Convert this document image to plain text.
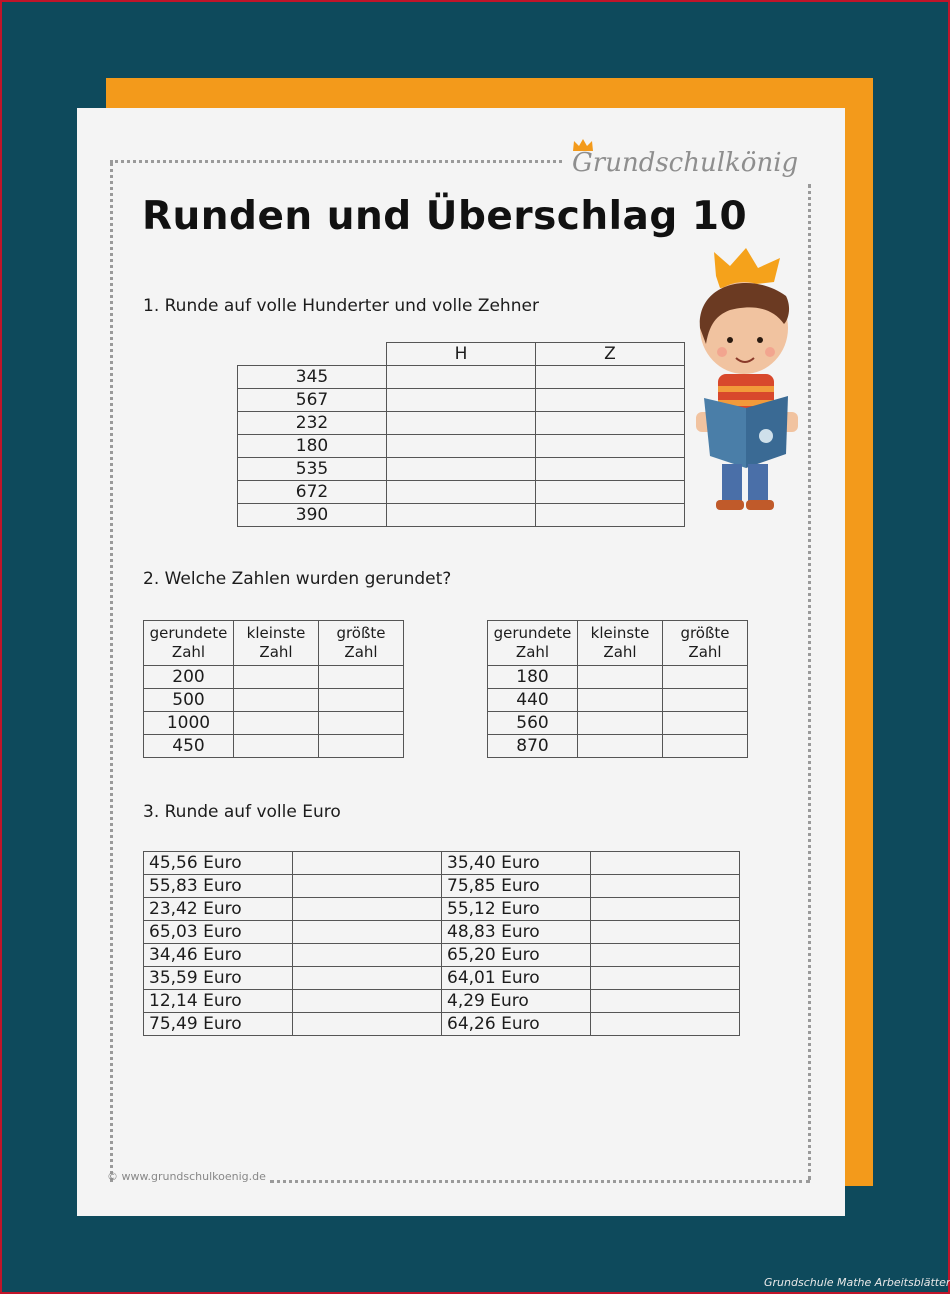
Grundschulkönig
Runden und Überschlag 10
1. Runde auf volle Hunderter und volle Zehner
	H	Z
345		
567		
232		
180		
535		
672		
390		
2. Welche Zahlen wurden gerundet?
gerundete Zahl	kleinste Zahl	größte Zahl
200		
500		
1000		
450		
gerundete Zahl	kleinste Zahl	größte Zahl
180		
440		
560		
870		
3. Runde auf volle Euro
45,56 Euro		35,40 Euro	
55,83 Euro		75,85 Euro	
23,42 Euro		55,12 Euro	
65,03 Euro		48,83 Euro	
34,46 Euro		65,20 Euro	
35,59 Euro		64,01 Euro	
12,14 Euro		4,29 Euro	
75,49 Euro		64,26 Euro	
© www.grundschulkoenig.de
Grundschule Mathe Arbeitsblätter
